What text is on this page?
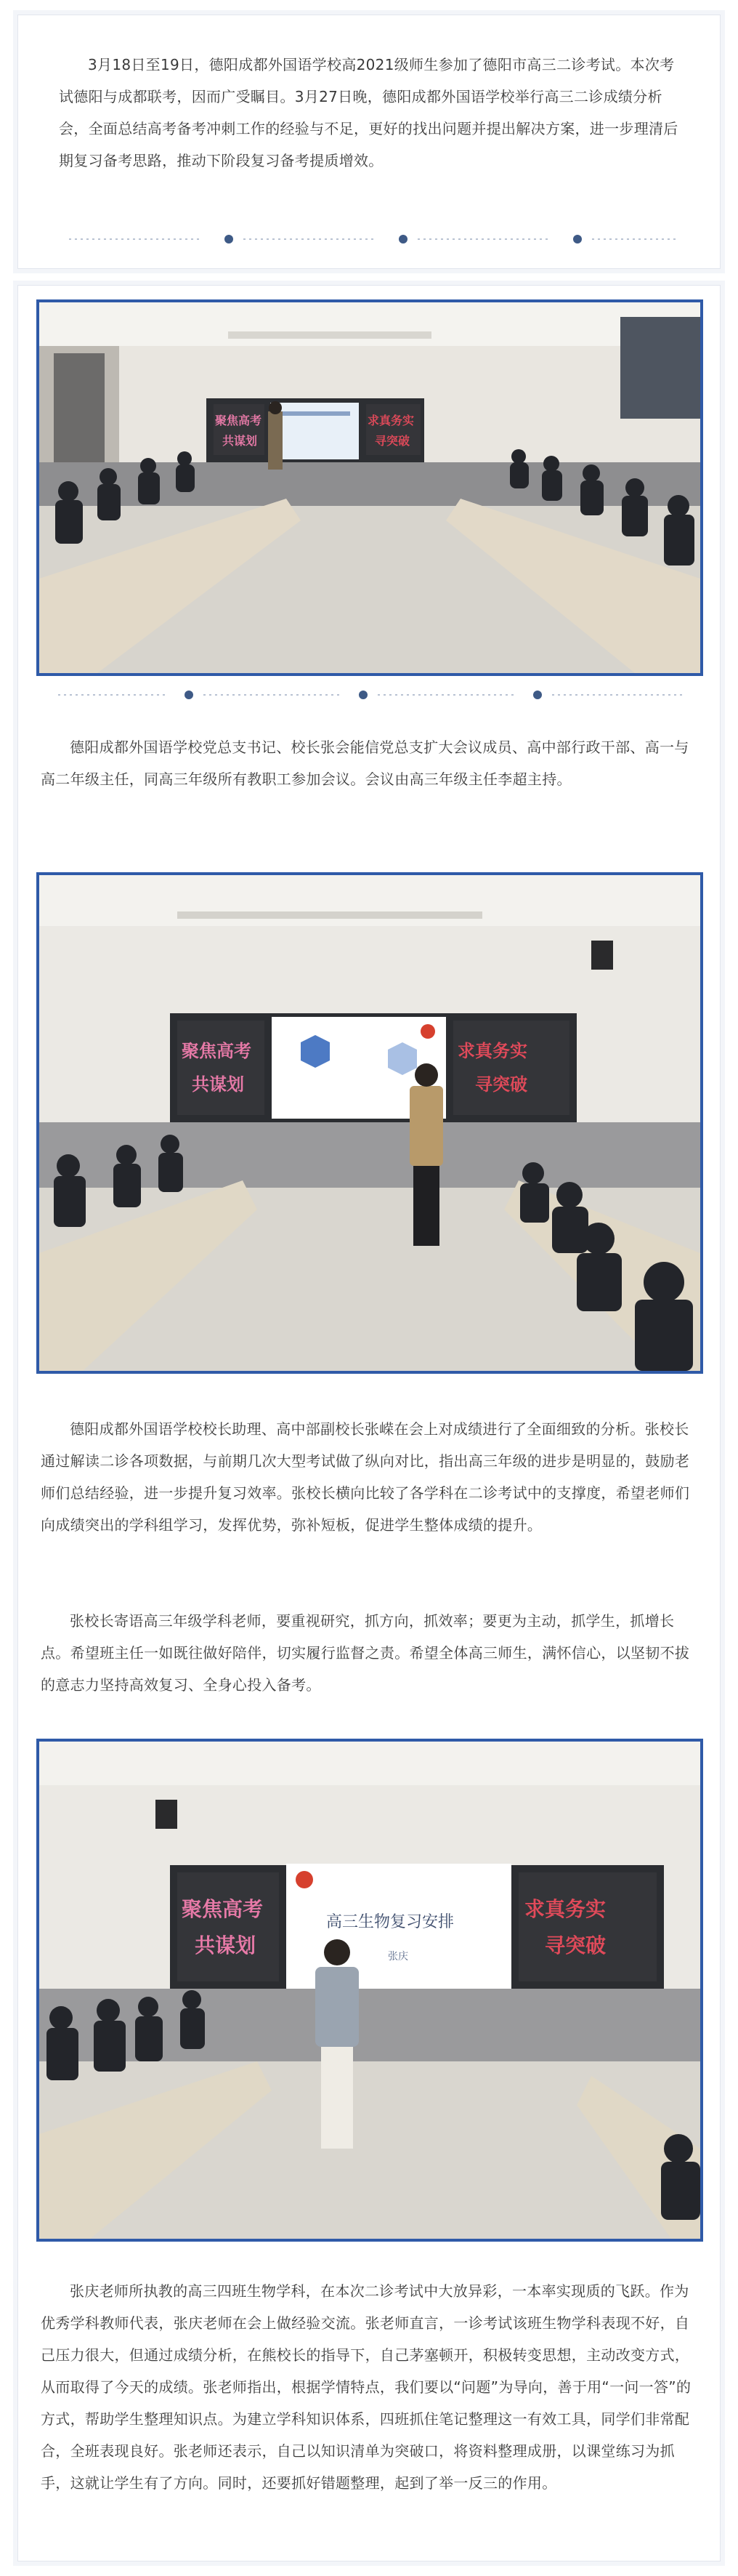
3月18日至19日，德阳成都外国语学校高2021级师生参加了德阳市高三二诊考试。本次考试德阳与成都联考，因而广受瞩目。3月27日晚，德阳成都外国语学校举行高三二诊成绩分析会，全面总结高考备考冲刺工作的经验与不足，更好的找出问题并提出解决方案，进一步理清后期复习备考思路，推动下阶段复习备考提质增效。

聚焦高考
共谋划
求真务实
寻突破

德阳成都外国语学校党总支书记、校长张会能信党总支扩大会议成员、高中部行政干部、高一与高二年级主任，同高三年级所有教职工参加会议。会议由高三年级主任李超主持。

聚焦高考
共谋划
求真务实
寻突破

德阳成都外国语学校校长助理、高中部副校长张嵘在会上对成绩进行了全面细致的分析。张校长通过解读二诊各项数据，与前期几次大型考试做了纵向对比，指出高三年级的进步是明显的，鼓励老师们总结经验，进一步提升复习效率。张校长横向比较了各学科在二诊考试中的支撑度，希望老师们向成绩突出的学科组学习，发挥优势，弥补短板，促进学生整体成绩的提升。

张校长寄语高三年级学科老师，要重视研究，抓方向，抓效率；要更为主动，抓学生，抓增长点。希望班主任一如既往做好陪伴，切实履行监督之责。希望全体高三师生，满怀信心，以坚韧不拔的意志力坚持高效复习、全身心投入备考。

聚焦高考
共谋划
高三生物复习安排
张庆
求真务实
寻突破

张庆老师所执教的高三四班生物学科，在本次二诊考试中大放异彩，一本率实现质的飞跃。作为优秀学科教师代表，张庆老师在会上做经验交流。张老师直言，一诊考试该班生物学科表现不好，自己压力很大，但通过成绩分析，在熊校长的指导下，自己茅塞顿开，积极转变思想，主动改变方式，从而取得了今天的成绩。张老师指出，根据学情特点，我们要以“问题”为导向，善于用“一问一答”的方式，帮助学生整理知识点。为建立学科知识体系，四班抓住笔记整理这一有效工具，同学们非常配合，全班表现良好。张老师还表示，自己以知识清单为突破口，将资料整理成册，以课堂练习为抓手，这就让学生有了方向。同时，还要抓好错题整理，起到了举一反三的作用。
